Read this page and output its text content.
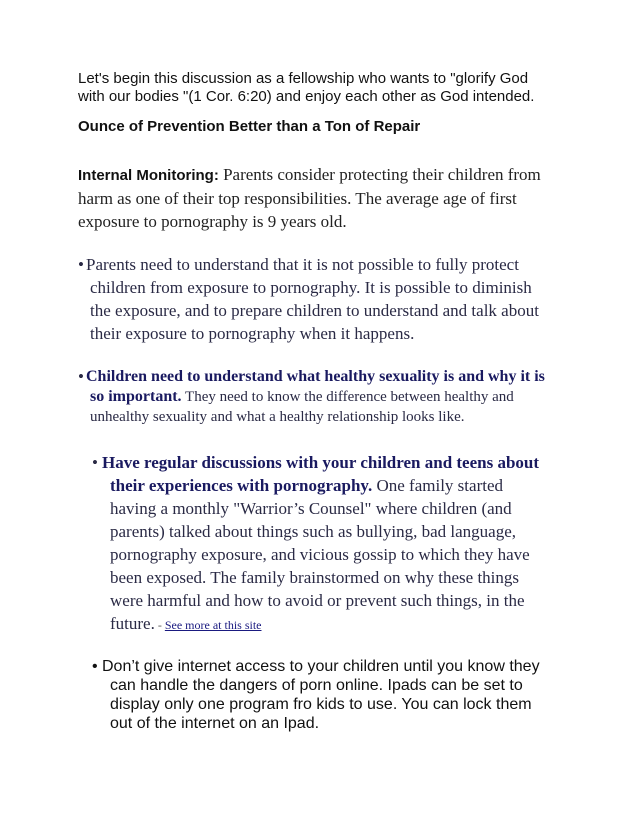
Let's begin this discussion as a fellowship who wants to "glorify God
with our bodies "(1 Cor. 6:20) and enjoy each other as God intended.

Ounce of Prevention Better than a Ton of Repair

Internal Monitoring: Parents consider protecting their children from
harm as one of their top responsibilities. The average age of first
exposure to pornography is 9 years old.

• Parents need to understand that it is not possible to fully protect
children from exposure to pornography. It is possible to diminish
the exposure, and to prepare children to understand and talk about
their exposure to pornography when it happens.
• Children need to understand what healthy sexuality is and why it is
so important. They need to know the difference between healthy and
unhealthy sexuality and what a healthy relationship looks like.
• Have regular discussions with your children and teens about
their experiences with pornography. One family started
having a monthly "Warrior’s Counsel" where children (and
parents) talked about things such as bullying, bad language,
pornography exposure, and vicious gossip to which they have
been exposed. The family brainstormed on why these things
were harmful and how to avoid or prevent such things, in the
future. - See more at this site
• Don’t give internet access to your children until you know they
can handle the dangers of porn online. Ipads can be set to
display only one program fro kids to use. You can lock them
out of the internet on an Ipad.
